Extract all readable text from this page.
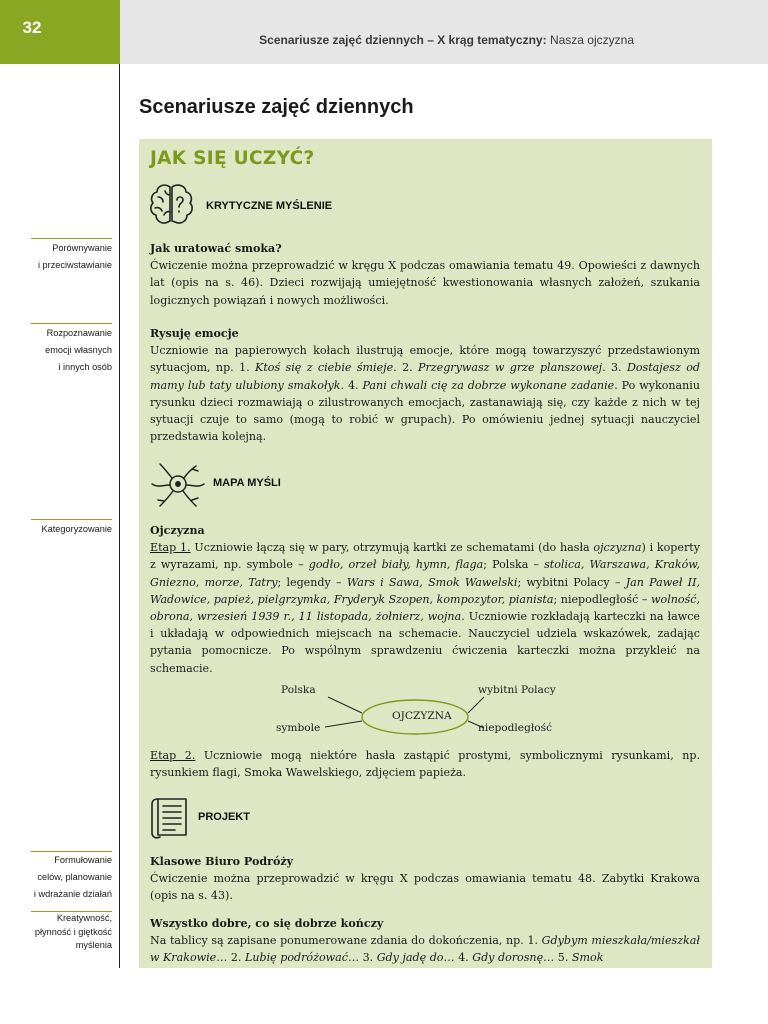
32
Scenariusze zajęć dziennych – X krąg tematyczny: Nasza ojczyzna
Scenariusze zajęć dziennych
JAK SIĘ UCZYĆ?
KRYTYCZNE MYŚLENIE
Porównywanie
i przeciwstawianie
Jak uratować smoka?
Ćwiczenie można przeprowadzić w kręgu X podczas omawiania tematu 49. Opowieści z dawnych lat (opis na s. 46). Dzieci rozwijają umiejętność kwestionowania własnych założeń, szukania logicznych powiązań i nowych możliwości.
Rozpoznawanie
emocji własnych
i innych osób
Rysuję emocje
Uczniowie na papierowych kołach ilustrują emocje, które mogą towarzyszyć przedstawionym sytuacjom, np. 1. Ktoś się z ciebie śmieje. 2. Przegrywasz w grze planszowej. 3. Dostajesz od mamy lub taty ulubiony smakołyk. 4. Pani chwali cię za dobrze wykonane zadanie. Po wykonaniu rysunku dzieci rozmawiają o zilustrowanych emocjach, zastanawiają się, czy każde z nich w tej sytuacji czuje to samo (mogą to robić w grupach). Po omówieniu jednej sytuacji nauczyciel przedstawia kolejną.
MAPA MYŚLI
Kategoryzowanie	Ojczyzna
Etap 1. Uczniowie łączą się w pary, otrzymują kartki ze schematami (do hasła ojczyzna) i koperty z wyrazami, np. symbole – godło, orzeł biały, hymn, flaga; Polska – stolica, Warszawa, Kraków, Gniezno, morze, Tatry; legendy – Wars i Sawa, Smok Wawelski; wybitni Polacy – Jan Paweł II, Wadowice, papież, pielgrzymka, Fryderyk Szopen, kompozytor, pianista; niepodległość – wolność, obrona, wrzesień 1939 r., 11 listopada, żołnierz, wojna. Uczniowie rozkładają karteczki na ławce i układają w odpowiednich miejscach na schemacie. Nauczyciel udziela wskazówek, zadając pytania pomocnicze. Po wspólnym sprawdzeniu ćwiczenia karteczki można przykleić na schemacie.
OJCZYZNA
Polska
symbole
wybitni Polacy
niepodległość
Etap 2. Uczniowie mogą niektóre hasła zastąpić prostymi, symbolicznymi rysunkami, np. rysunkiem flagi, Smoka Wawelskiego, zdjęciem papieża.
PROJEKT
Formułowanie
celów, planowanie
i wdrażanie działań
Klasowe Biuro Podróży
Ćwiczenie można przeprowadzić w kręgu X podczas omawiania tematu 48. Zabytki Krakowa (opis na s. 43).
Kreatywność,
płynność i giętkość
myślenia
Wszystko dobre, co się dobrze kończy
Na tablicy są zapisane ponumerowane zdania do dokończenia, np. 1. Gdybym mieszkała/mieszkał w Krakowie… 2. Lubię podróżować… 3. Gdy jadę do… 4. Gdy dorosnę… 5. Smok
